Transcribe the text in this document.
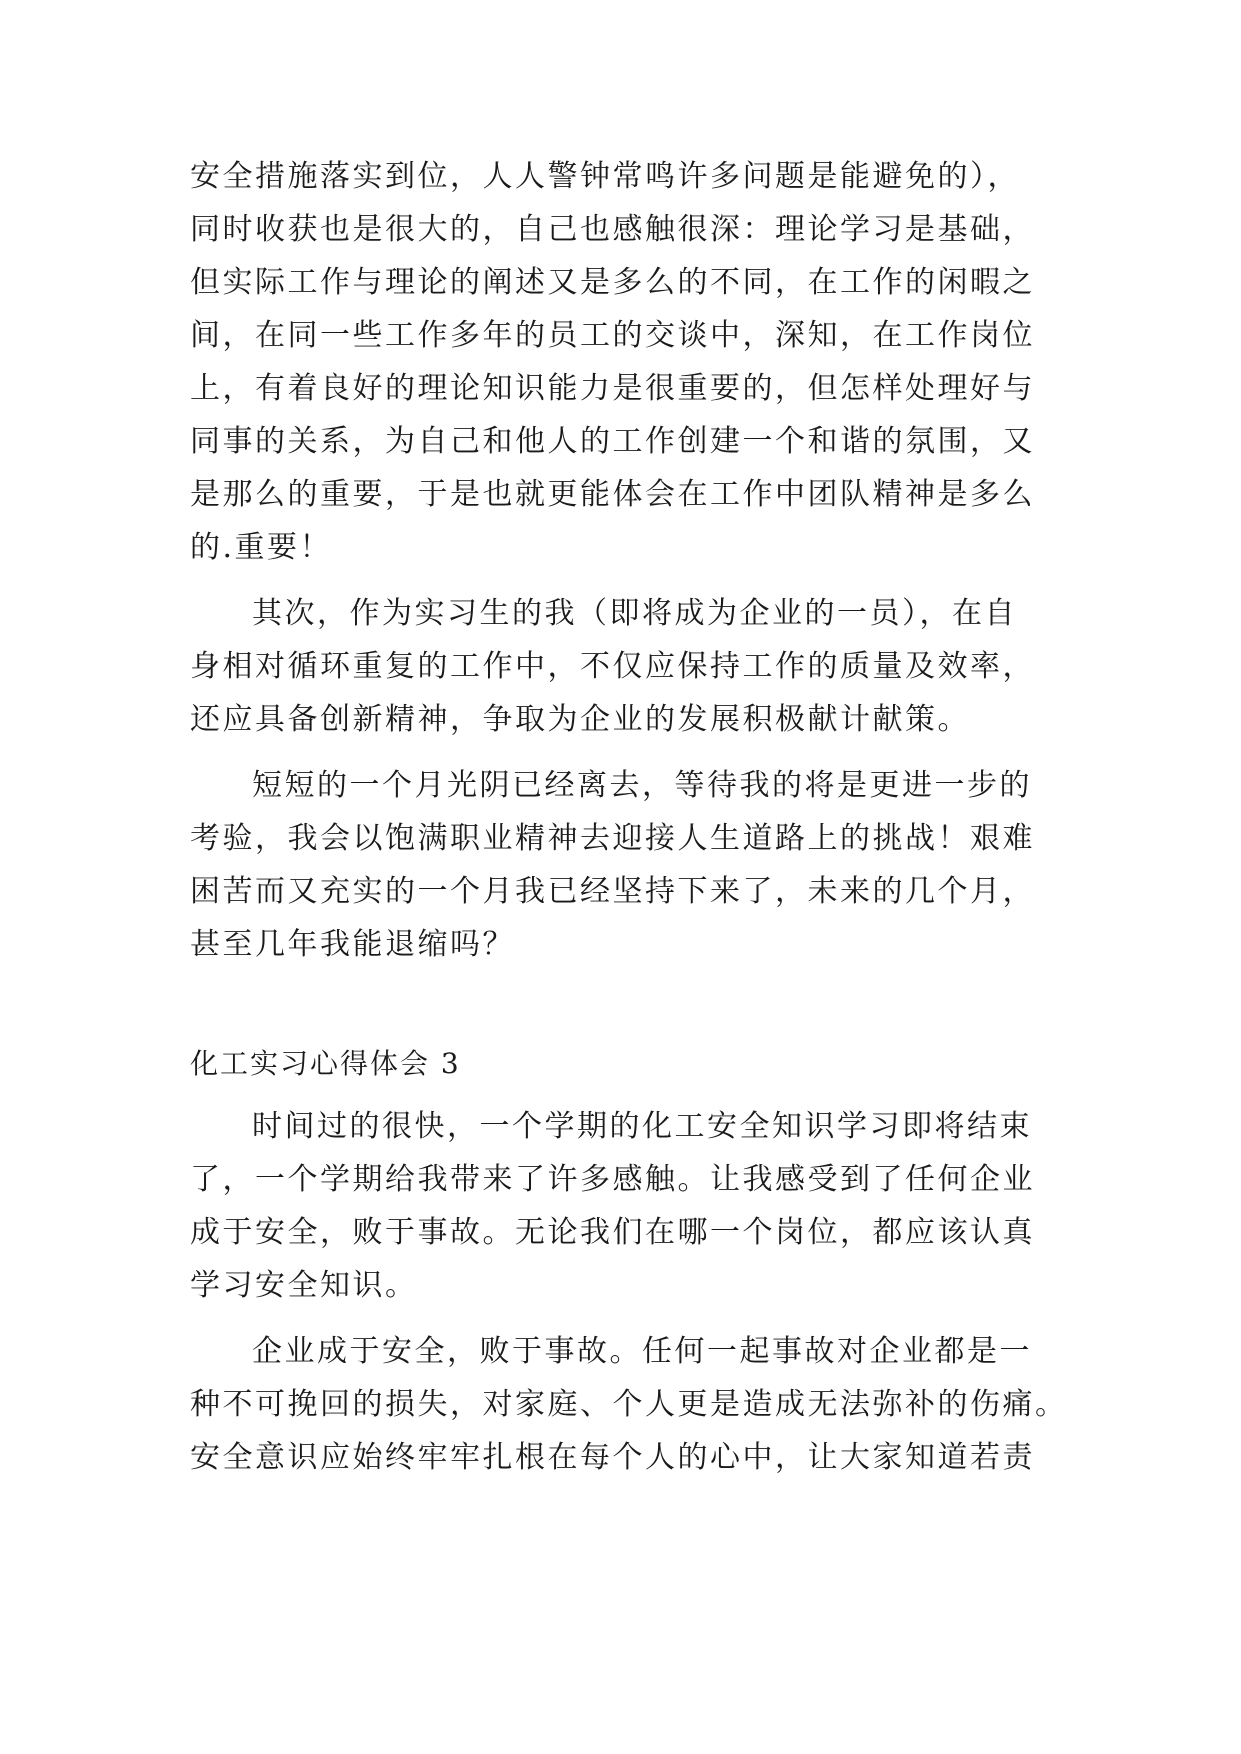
安全措施落实到位，人人警钟常鸣许多问题是能避免的），
同时收获也是很大的，自己也感触很深：理论学习是基础，
但实际工作与理论的阐述又是多么的不同，在工作的闲暇之
间，在同一些工作多年的员工的交谈中，深知，在工作岗位
上，有着良好的理论知识能力是很重要的，但怎样处理好与
同事的关系，为自己和他人的工作创建一个和谐的氛围，又
是那么的重要，于是也就更能体会在工作中团队精神是多么
的.重要！
其次，作为实习生的我（即将成为企业的一员），在自
身相对循环重复的工作中，不仅应保持工作的质量及效率，
还应具备创新精神，争取为企业的发展积极献计献策。
短短的一个月光阴已经离去，等待我的将是更进一步的
考验，我会以饱满职业精神去迎接人生道路上的挑战！艰难
困苦而又充实的一个月我已经坚持下来了，未来的几个月，
甚至几年我能退缩吗？
化工实习心得体会 3
时间过的很快，一个学期的化工安全知识学习即将结束
了，一个学期给我带来了许多感触。让我感受到了任何企业
成于安全，败于事故。无论我们在哪一个岗位，都应该认真
学习安全知识。
企业成于安全，败于事故。任何一起事故对企业都是一
种不可挽回的损失，对家庭、个人更是造成无法弥补的伤痛。
安全意识应始终牢牢扎根在每个人的心中，让大家知道若责
